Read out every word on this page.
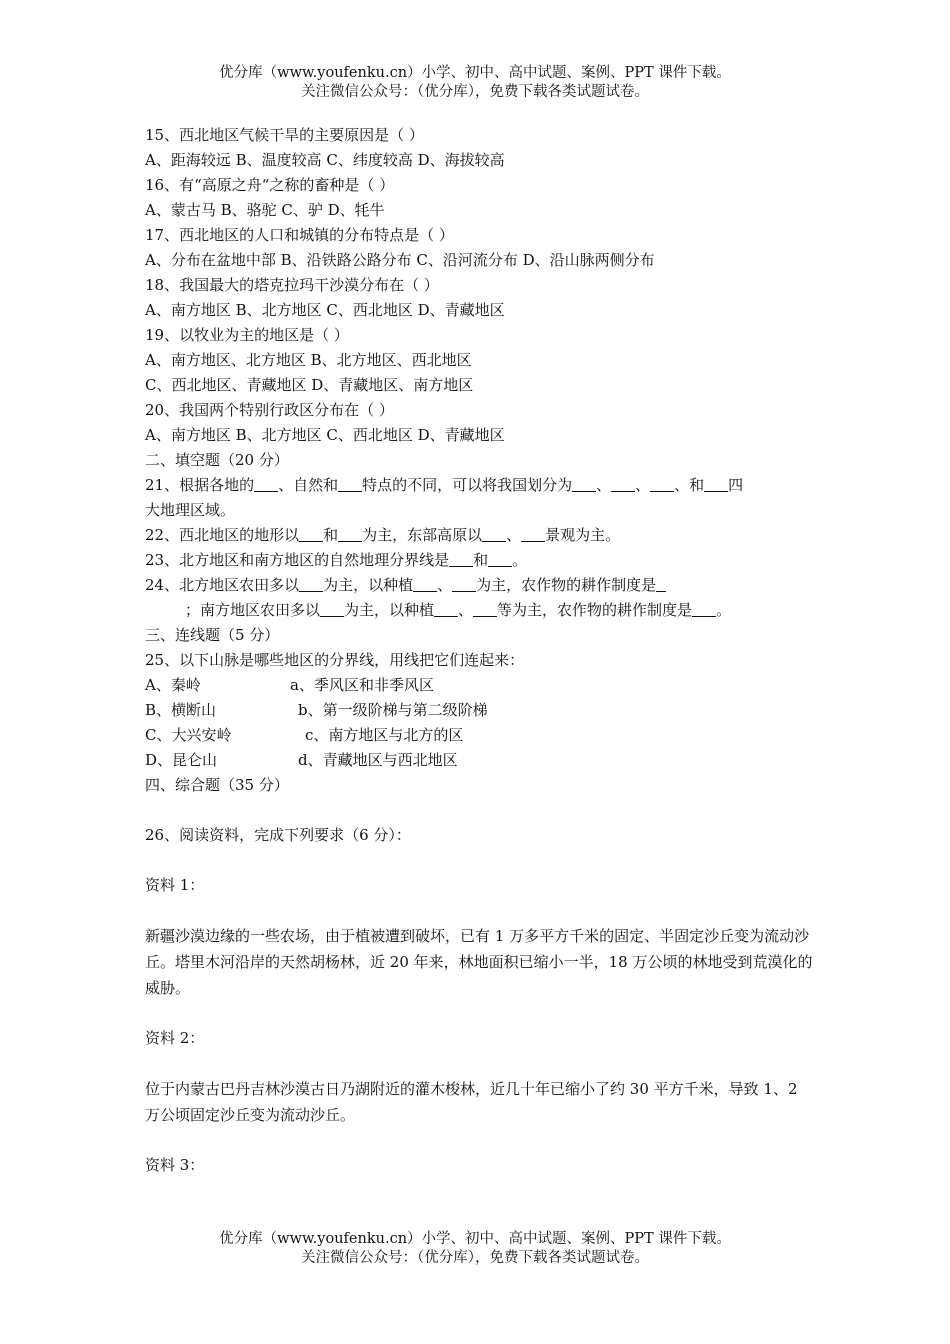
优分库（www.youfenku.cn）小学、初中、高中试题、案例、PPT 课件下载。
关注微信公众号：（优分库），免费下载各类试题试卷。
15、西北地区气候干旱的主要原因是（ ）
A、距海较远 B、温度较高 C、纬度较高 D、海拔较高
16、有“高原之舟“之称的畜种是（ ）
A、蒙古马 B、骆驼 C、驴 D、牦牛
17、西北地区的人口和城镇的分布特点是（ ）
A、分布在盆地中部 B、沿铁路公路分布 C、沿河流分布 D、沿山脉两侧分布
18、我国最大的塔克拉玛干沙漠分布在（ ）
A、南方地区 B、北方地区 C、西北地区 D、青藏地区
19、以牧业为主的地区是（ ）
A、南方地区、北方地区 B、北方地区、西北地区
C、西北地区、青藏地区 D、青藏地区、南方地区
20、我国两个特别行政区分布在（ ）
A、南方地区 B、北方地区 C、西北地区 D、青藏地区
二、填空题（20 分）
21、根据各地的 、自然和 特点的不同，可以将我国划分为 、 、 、和 四
大地理区域。
22、西北地区的地形以 和 为主，东部高原以 、 景观为主。
23、北方地区和南方地区的自然地理分界线是 和 。
24、北方地区农田多以 为主，以种植 、 为主，农作物的耕作制度是
；南方地区农田多以 为主，以种植 、 等为主，农作物的耕作制度是 。
三、连线题（5 分）
25、以下山脉是哪些地区的分界线，用线把它们连起来：
A、秦岭	a、季风区和非季风区
B、横断山	b、第一级阶梯与第二级阶梯
C、大兴安岭	c、南方地区与北方的区
D、昆仑山	d、青藏地区与西北地区
四、综合题（35 分）
26、阅读资料，完成下列要求（6 分）：
资料 1：
新疆沙漠边缘的一些农场，由于植被遭到破坏，已有 1 万多平方千米的固定、半固定沙丘变为流动沙丘。塔里木河沿岸的天然胡杨林，近 20 年来，林地面积已缩小一半，18 万公顷的林地受到荒漠化的威胁。
资料 2：
位于内蒙古巴丹吉林沙漠古日乃湖附近的灌木梭林，近几十年已缩小了约 30 平方千米，导致 1、2 万公顷固定沙丘变为流动沙丘。
资料 3：
优分库（www.youfenku.cn）小学、初中、高中试题、案例、PPT 课件下载。
关注微信公众号：（优分库），免费下载各类试题试卷。
